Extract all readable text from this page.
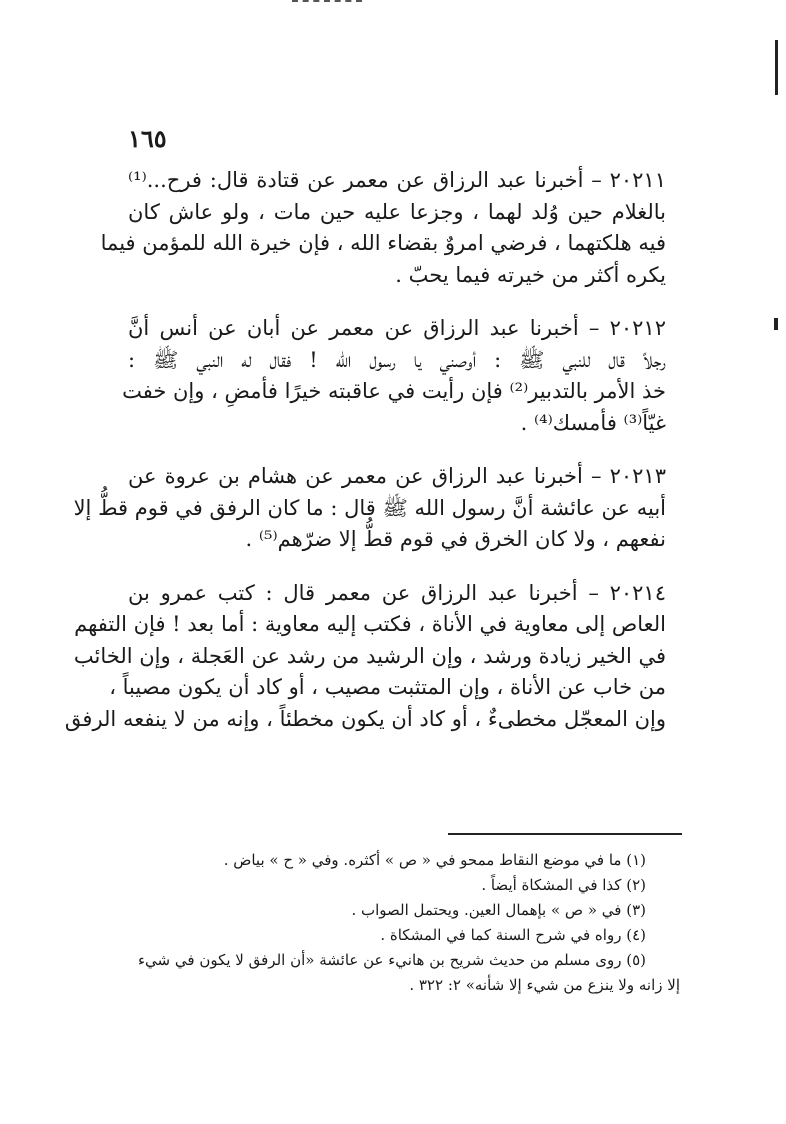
١٦٥
٢٠٢١١ – أخبرنا عبد الرزاق عن معمر عن قتادة قال: فرح...⁽¹⁾
بالغلام حين وُلد لهما ، وجزعا عليه حين مات ، ولو عاش كان
فيه هلكتهما ، فرضي امروٌ بقضاء الله ، فإن خيرة الله للمؤمن فيما
يكره أكثر من خيرته فيما يحبّ .
٢٠٢١٢ – أخبرنا عبد الرزاق عن معمر عن أبان عن أنس أنَّ
رجلاً قال للنبي ﷺ : أوصني يا رسول الله ! فقال له النبي ﷺ :
خذ الأمر بالتدبير⁽²⁾ فإن رأيت في عاقبته خيرًا فأمضِ ، وإن خفت
غيّاً⁽³⁾ فأمسك⁽⁴⁾ .
٢٠٢١٣ – أخبرنا عبد الرزاق عن معمر عن هشام بن عروة عن
أبيه عن عائشة أنَّ رسول الله ﷺ قال : ما كان الرفق في قوم قطُّ إلا
نفعهم ، ولا كان الخرق في قوم قطُّ إلا ضرّهم⁽⁵⁾ .
٢٠٢١٤ – أخبرنا عبد الرزاق عن معمر قال : كتب عمرو بن
العاص إلى معاوية في الأناة ، فكتب إليه معاوية : أما بعد ! فإن التفهم
في الخير زيادة ورشد ، وإن الرشيد من رشد عن العَجلة ، وإن الخائب
من خاب عن الأناة ، وإن المتثبت مصيب ، أو كاد أن يكون مصيباً ،
وإن المعجّل مخطىءٌ ، أو كاد أن يكون مخطئاً ، وإنه من لا ينفعه الرفق
(١) ما في موضع النقاط ممحو في « ص » أكثره. وفي « ح » بياض .
(٢) كذا في المشكاة أيضاً .
(٣) في « ص » بإهمال العين. ويحتمل الصواب .
(٤) رواه في شرح السنة كما في المشكاة .
(٥) روى مسلم من حديث شريح بن هانيء عن عائشة «أن الرفق لا يكون في شيء
إلا زانه ولا ينزع من شيء إلا شأنه» ٢: ٣٢٢ .
